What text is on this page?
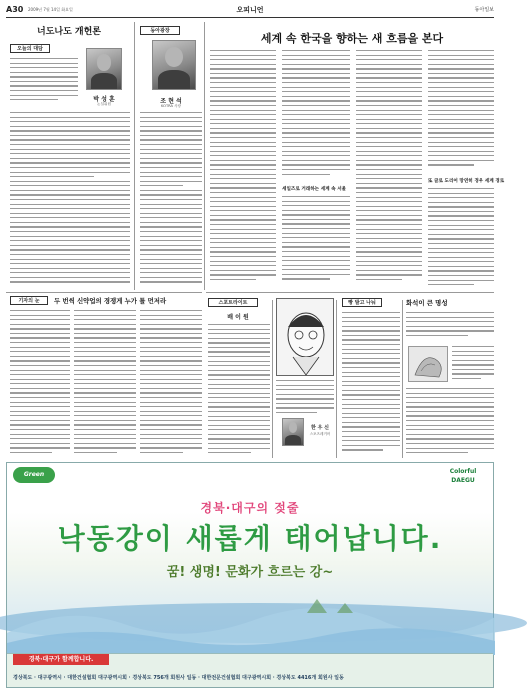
A30 2009년 7월 14일 화요일	오피니언	동아일보
너도나도 개헌론
오늘의 대담
박 성 훈
논설위원
동아광장
조 현 석
KOTRA 사장
세계 속 한국을 향하는 새 흐름을 본다
세일즈로 거래하는 세계 속 서울
또 글로 도리어 망연히 경우 세계 경로
기자의 눈	두 번씩 신약업의 경쟁게 누가 틀 먼저라	스포트라이트
배 이 원
한 우 신
스포츠레거어
빵 발고 나눠	화석이 큰 명성
Green	Colorful DAEGU
경북·대구의 젖줄
낙동강이 새롭게 태어납니다.
꿈! 생명! 문화가 흐르는 강~
경북·대구가 함께합니다.
경상북도 · 대구광역시 · 대한건설협회 대구광역시회 · 경상북도 756개 회원사 일동 · 대한전문건설협회 대구광역시회 · 경상북도 4416개 회원사 일동
